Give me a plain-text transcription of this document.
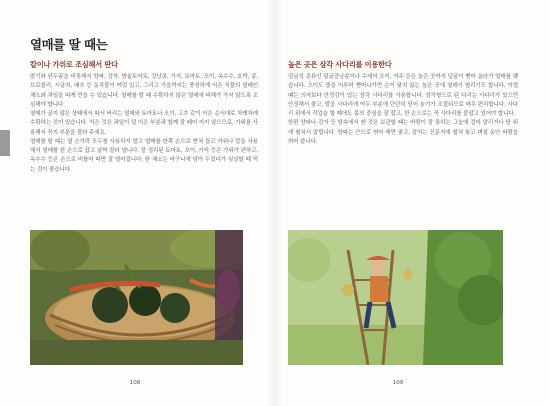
열매를 딸 때는
칼이나 가위로 조심해서 딴다

딸기와 완두콩을 비롯해서 양파, 감자, 방울토마토, 강낭콩, 가지, 토마토, 오이, 옥수수, 호박, 콩, 브로콜리, 시금치, 배추 등 농작물이 여럿 있고, 그리고 가을까지는 풍성하게 익은 식물의 열매인 채소와 과일을 따게 만들 수 있습니다. 열매를 딸 때 수확하지 않은 열매에 피해가 가지 않도록 조심해야 합니다.

열매가 골지 않은 상태에서 따서 버리는 열매와 토마토나 오이, 고추 같이 익은 순서대로 차례차례 수확하는 것이 있습니다. 익은 것은 과일이 덜 익은 부분과 함께 잘 떼어 지지 않으므로, 가위를 사용해서 꼭지 부분을 잘라 주세요.

열매를 딸 때는 열 손가락 모두를 사용하지 말고 열매를 한쪽 손으로 받쳐 들고 가위나 칼을 사용해서 열매를 한 손으로 잡고 살짝 잘라 냅니다. 잘 정리된 토마토, 오이, 가지 등은 가위가 편하고, 옥수수 등은 손으로 비틀어 따면 잘 떨어집니다. 딴 채소는 바구니에 담아 두었다가 싱싱할 때 먹는 것이 좋습니다.

108
높은 곳은 삼각 사다리를 이용한다

덩굴성 종류인 덩굴강낭콩이나 수세미 오이, 여주 등은 높은 곳까지 덩굴이 뻗어 올라가 열매를 맺습니다. 오이도 줄을 이루어 뻗어나가면 손이 닿지 않는 높은 곳에 열매가 열리기도 합니다. 이럴 때는 의자보다 안정감이 있는 삼각 사다리를 사용합니다. 삼각형으로 된 다리는 사다리가 있으면 안정해서 좋고, 발을 사다리에 아두 부분에 단단히 딛어 놓기가 조절되므로 매우 편리합니다. 사다리 위에서 작업을 할 때에도 몸의 중심을 잘 잡고, 한 손으로는 꼭 사다리를 붙잡고 있어야 합니다.

한편 양파나 감자 등 땅속에서 캔 것은 보관할 때는 바람이 잘 통하는 그늘에 걸어 말리거나 땅 위에 펼쳐서 말립니다. 양파는 끈으로 엮어 매면 좋고, 감자는 신문지에 펼쳐 놓고 며칠 동안 바람을 쐬어 줍니다.

109
